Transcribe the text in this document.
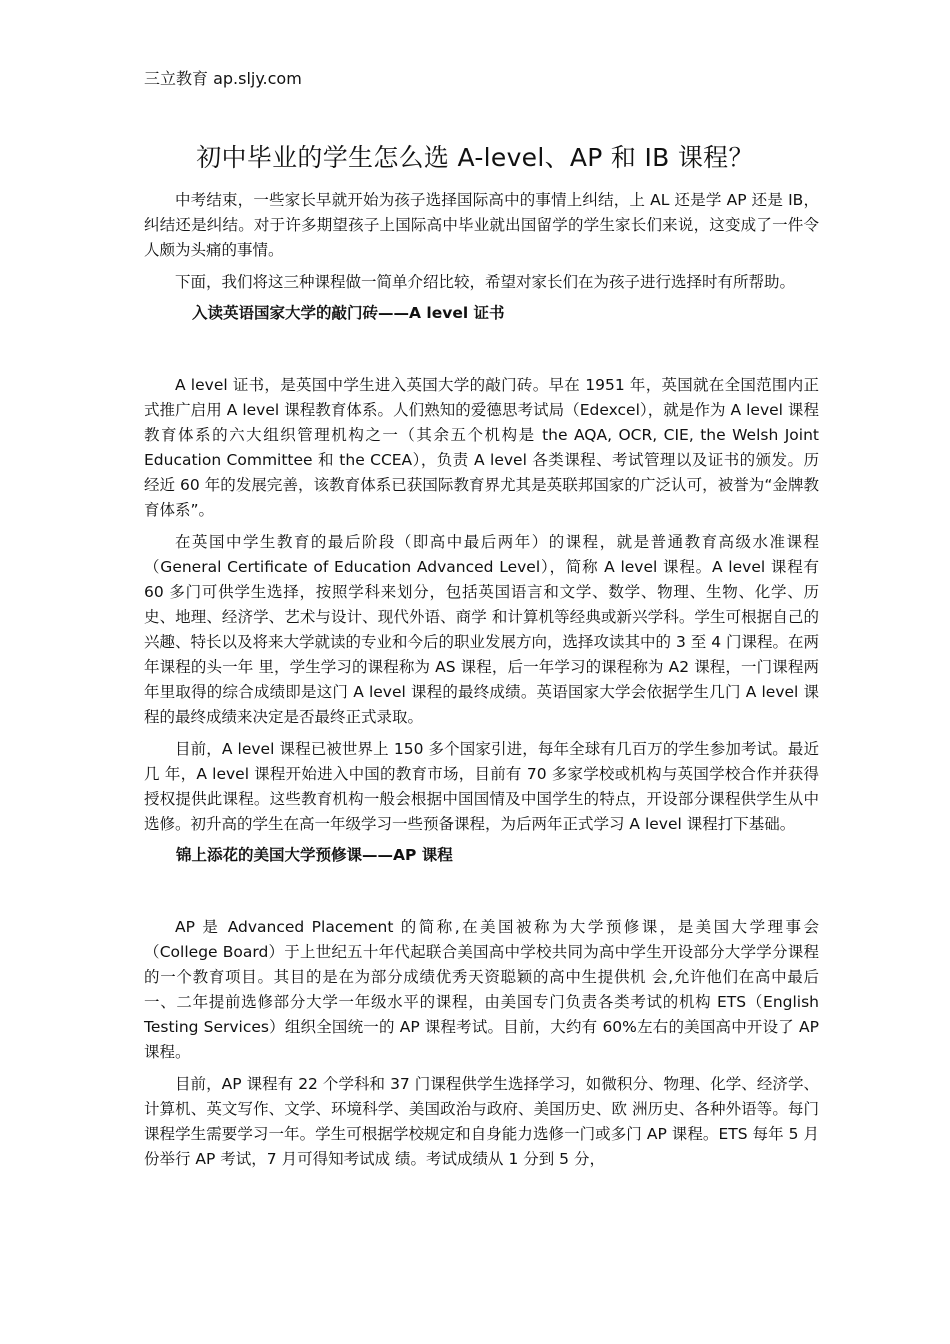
三立教育 ap.sljy.com
初中毕业的学生怎么选 A-level、AP 和 IB 课程？

中考结束，一些家长早就开始为孩子选择国际高中的事情上纠结，上 AL 还是学 AP 还是 IB，纠结还是纠结。对于许多期望孩子上国际高中毕业就出国留学的学生家长们来说，这变成了一件令人颇为头痛的事情。

下面，我们将这三种课程做一简单介绍比较，希望对家长们在为孩子进行选择时有所帮助。

入读英语国家大学的敲门砖——A level 证书

A level 证书，是英国中学生进入英国大学的敲门砖。早在 1951 年，英国就在全国范围内正式推广启用 A level 课程教育体系。人们熟知的爱德思考试局（Edexcel），就是作为 A level 课程教育体系的六大组织管理机构之一（其余五个机构是 the AQA, OCR, CIE, the Welsh Joint Education Committee 和 the CCEA），负责 A level 各类课程、考试管理以及证书的颁发。历经近 60 年的发展完善，该教育体系已获国际教育界尤其是英联邦国家的广泛认可，被誉为“金牌教育体系”。

在英国中学生教育的最后阶段（即高中最后两年）的课程，就是普通教育高级水准课程（General Certificate of Education Advanced Level），简称 A level 课程。A level 课程有 60 多门可供学生选择，按照学科来划分，包括英国语言和文学、数学、物理、生物、化学、历史、地理、经济学、艺术与设计、现代外语、商学 和计算机等经典或新兴学科。学生可根据自己的兴趣、特长以及将来大学就读的专业和今后的职业发展方向，选择攻读其中的 3 至 4 门课程。在两年课程的头一年 里，学生学习的课程称为 AS 课程，后一年学习的课程称为 A2 课程，一门课程两年里取得的综合成绩即是这门 A level 课程的最终成绩。英语国家大学会依据学生几门 A level 课程的最终成绩来决定是否最终正式录取。

目前，A level 课程已被世界上 150 多个国家引进，每年全球有几百万的学生参加考试。最近几 年，A level 课程开始进入中国的教育市场，目前有 70 多家学校或机构与英国学校合作并获得授权提供此课程。这些教育机构一般会根据中国国情及中国学生的特点，开设部分课程供学生从中选修。初升高的学生在高一年级学习一些预备课程，为后两年正式学习 A level 课程打下基础。

锦上添花的美国大学预修课——AP 课程

AP 是 Advanced Placement 的简称,在美国被称为大学预修课，是美国大学理事会（College Board）于上世纪五十年代起联合美国高中学校共同为高中学生开设部分大学学分课程的一个教育项目。其目的是在为部分成绩优秀天资聪颖的高中生提供机 会,允许他们在高中最后一、二年提前选修部分大学一年级水平的课程，由美国专门负责各类考试的机构 ETS（English Testing Services）组织全国统一的 AP 课程考试。目前，大约有 60%左右的美国高中开设了 AP 课程。

目前，AP 课程有 22 个学科和 37 门课程供学生选择学习，如微积分、物理、化学、经济学、计算机、英文写作、文学、环境科学、美国政治与政府、美国历史、欧 洲历史、各种外语等。每门课程学生需要学习一年。学生可根据学校规定和自身能力选修一门或多门 AP 课程。ETS 每年 5 月份举行 AP 考试，7 月可得知考试成 绩。考试成绩从 1 分到 5 分，
